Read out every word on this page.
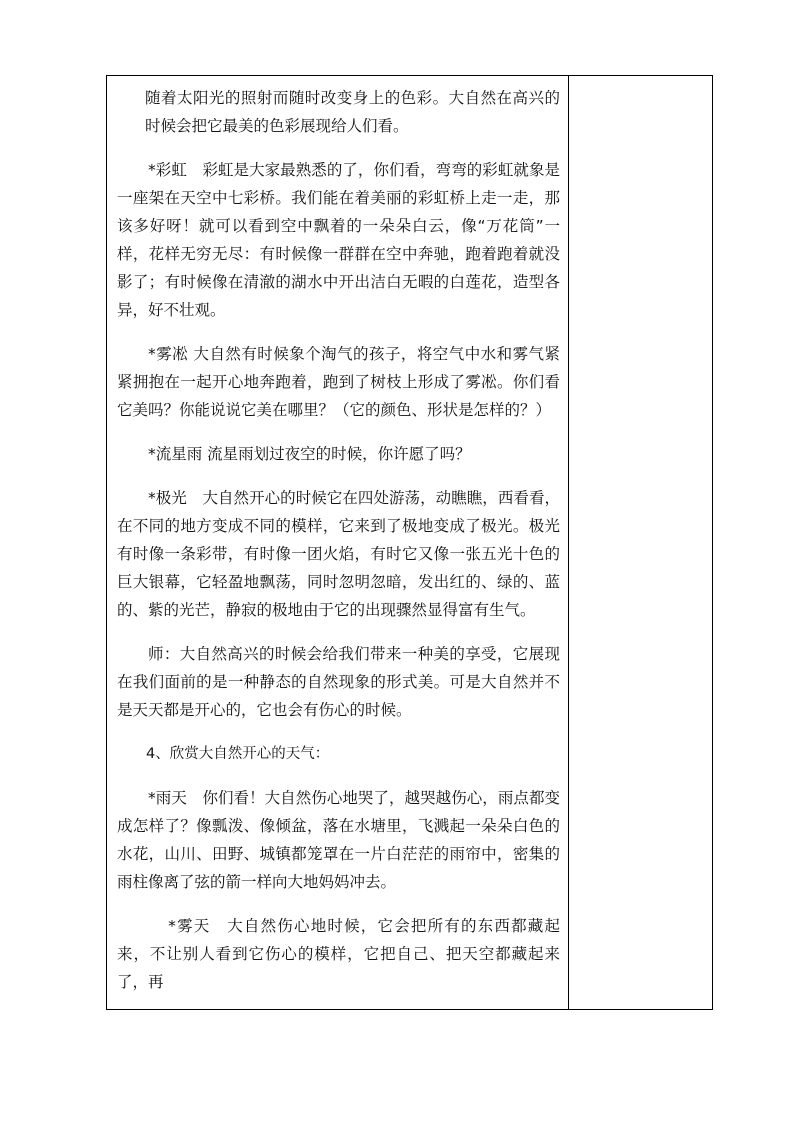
随着太阳光的照射而随时改变身上的色彩。大自然在高兴的时候会把它最美的色彩展现给人们看。

*彩虹　彩虹是大家最熟悉的了，你们看，弯弯的彩虹就象是一座架在天空中七彩桥。我们能在着美丽的彩虹桥上走一走，那该多好呀！就可以看到空中飘着的一朵朵白云，像“万花筒”一样，花样无穷无尽：有时候像一群群在空中奔驰，跑着跑着就没影了；有时候像在清澈的湖水中开出洁白无暇的白莲花，造型各异，好不壮观。

*雾凇 大自然有时候象个淘气的孩子，将空气中水和雾气紧紧拥抱在一起开心地奔跑着，跑到了树枝上形成了雾凇。你们看它美吗？你能说说它美在哪里？（它的颜色、形状是怎样的？）

*流星雨 流星雨划过夜空的时候，你许愿了吗？

*极光　大自然开心的时候它在四处游荡，动瞧瞧，西看看，在不同的地方变成不同的模样，它来到了极地变成了极光。极光有时像一条彩带，有时像一团火焰，有时它又像一张五光十色的巨大银幕，它轻盈地飘荡，同时忽明忽暗，发出红的、绿的、蓝的、紫的光芒，静寂的极地由于它的出现骤然显得富有生气。

师：大自然高兴的时候会给我们带来一种美的享受，它展现在我们面前的是一种静态的自然现象的形式美。可是大自然并不是天天都是开心的，它也会有伤心的时候。

4、欣赏大自然开心的天气：

*雨天　你们看！大自然伤心地哭了，越哭越伤心，雨点都变成怎样了？像瓢泼、像倾盆，落在水塘里，飞溅起一朵朵白色的水花，山川、田野、城镇都笼罩在一片白茫茫的雨帘中，密集的雨柱像离了弦的箭一样向大地妈妈冲去。

*雾天　大自然伤心地时候，它会把所有的东西都藏起来，不让别人看到它伤心的模样，它把自己、把天空都藏起来了，再
